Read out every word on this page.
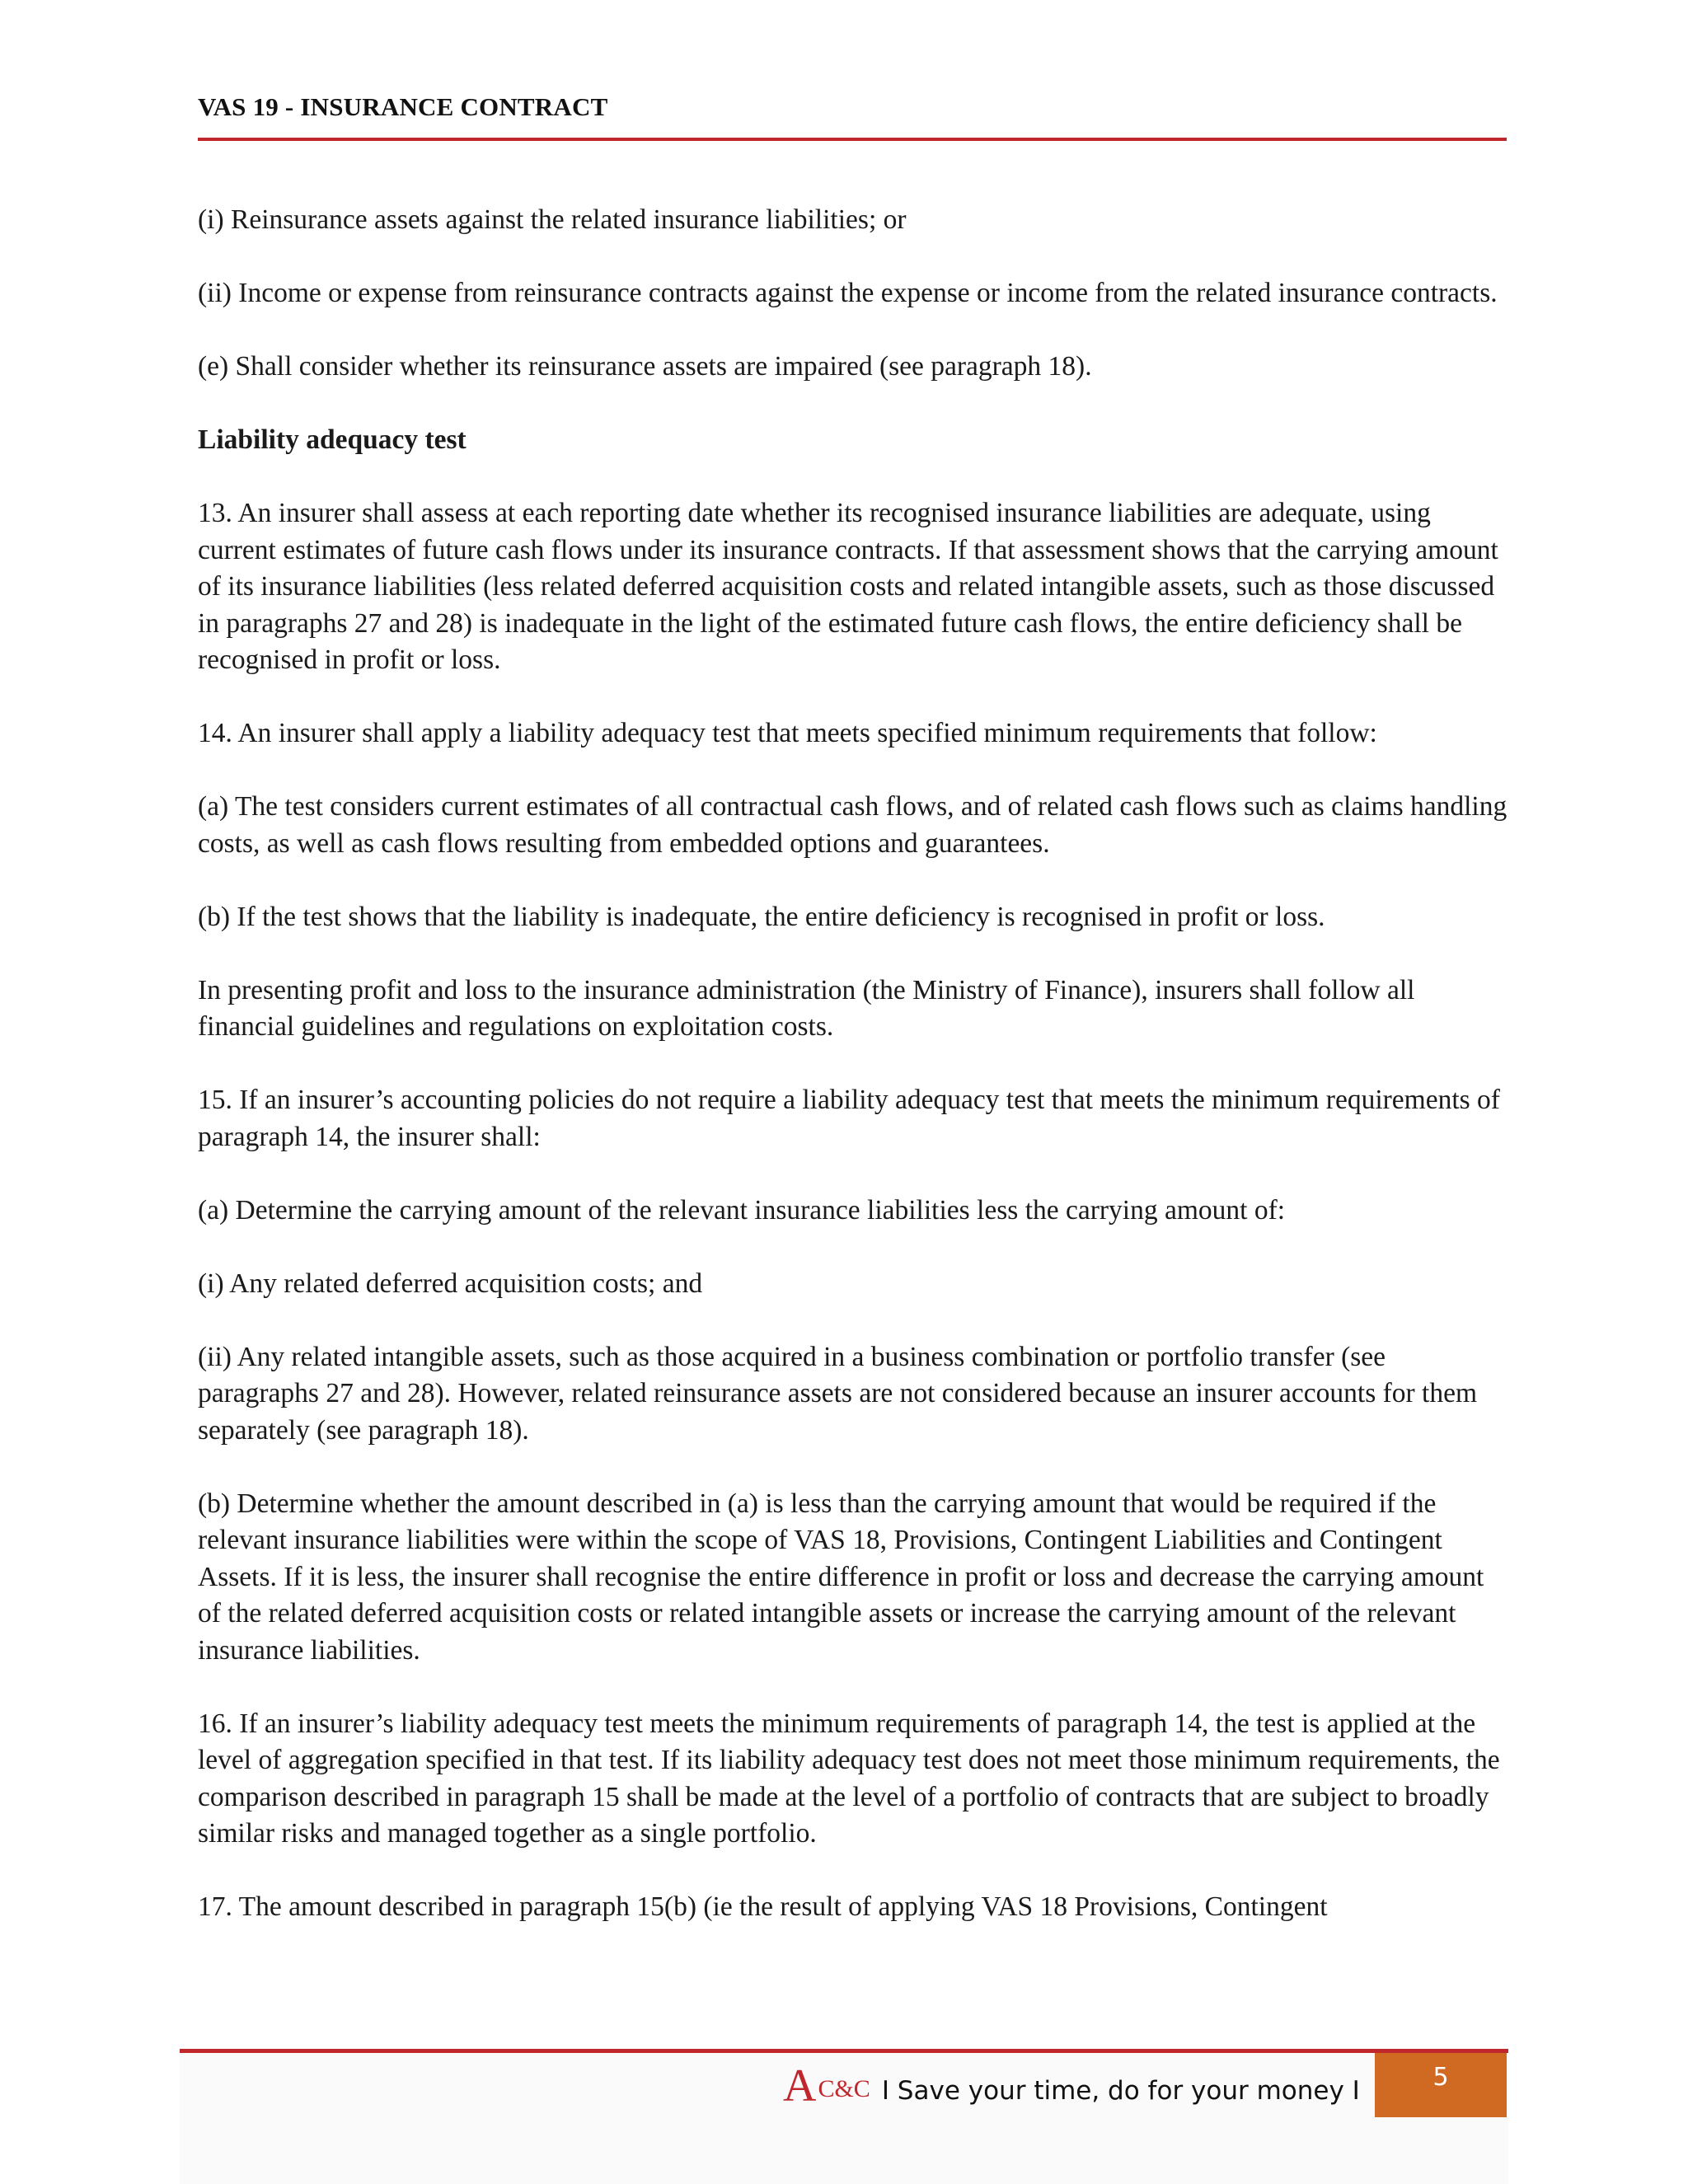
VAS 19 - INSURANCE CONTRACT

(i) Reinsurance assets against the related insurance liabilities; or

(ii) Income or expense from reinsurance contracts against the expense or income from the related insurance contracts.

(e) Shall consider whether its reinsurance assets are impaired (see paragraph 18).

Liability adequacy test

13. An insurer shall assess at each reporting date whether its recognised insurance liabilities are adequate, using current estimates of future cash flows under its insurance contracts. If that assessment shows that the carrying amount of its insurance liabilities (less related deferred acquisition costs and related intangible assets, such as those discussed in paragraphs 27 and 28) is inadequate in the light of the estimated future cash flows, the entire deficiency shall be recognised in profit or loss.

14. An insurer shall apply a liability adequacy test that meets specified minimum requirements that follow:

(a) The test considers current estimates of all contractual cash flows, and of related cash flows such as claims handling costs, as well as cash flows resulting from embedded options and guarantees.

(b) If the test shows that the liability is inadequate, the entire deficiency is recognised in profit or loss.

In presenting profit and loss to the insurance administration (the Ministry of Finance), insurers shall follow all financial guidelines and regulations on exploitation costs.

15. If an insurer’s accounting policies do not require a liability adequacy test that meets the minimum requirements of paragraph 14, the insurer shall:

(a) Determine the carrying amount of the relevant insurance liabilities less the carrying amount of:

(i) Any related deferred acquisition costs; and

(ii) Any related intangible assets, such as those acquired in a business combination or portfolio transfer (see paragraphs 27 and 28). However, related reinsurance assets are not considered because an insurer accounts for them separately (see paragraph 18).

(b) Determine whether the amount described in (a) is less than the carrying amount that would be required if the relevant insurance liabilities were within the scope of VAS 18, Provisions, Contingent Liabilities and Contingent Assets. If it is less, the insurer shall recognise the entire difference in profit or loss and decrease the carrying amount of the related deferred acquisition costs or related intangible assets or increase the carrying amount of the relevant insurance liabilities.

16. If an insurer’s liability adequacy test meets the minimum requirements of paragraph 14, the test is applied at the level of aggregation specified in that test. If its liability adequacy test does not meet those minimum requirements, the comparison described in paragraph 15 shall be made at the level of a portfolio of contracts that are subject to broadly similar risks and managed together as a single portfolio.

17. The amount described in paragraph 15(b) (ie the result of applying VAS 18 Provisions, Contingent

A C&C I Save your time, do for your money I	5
